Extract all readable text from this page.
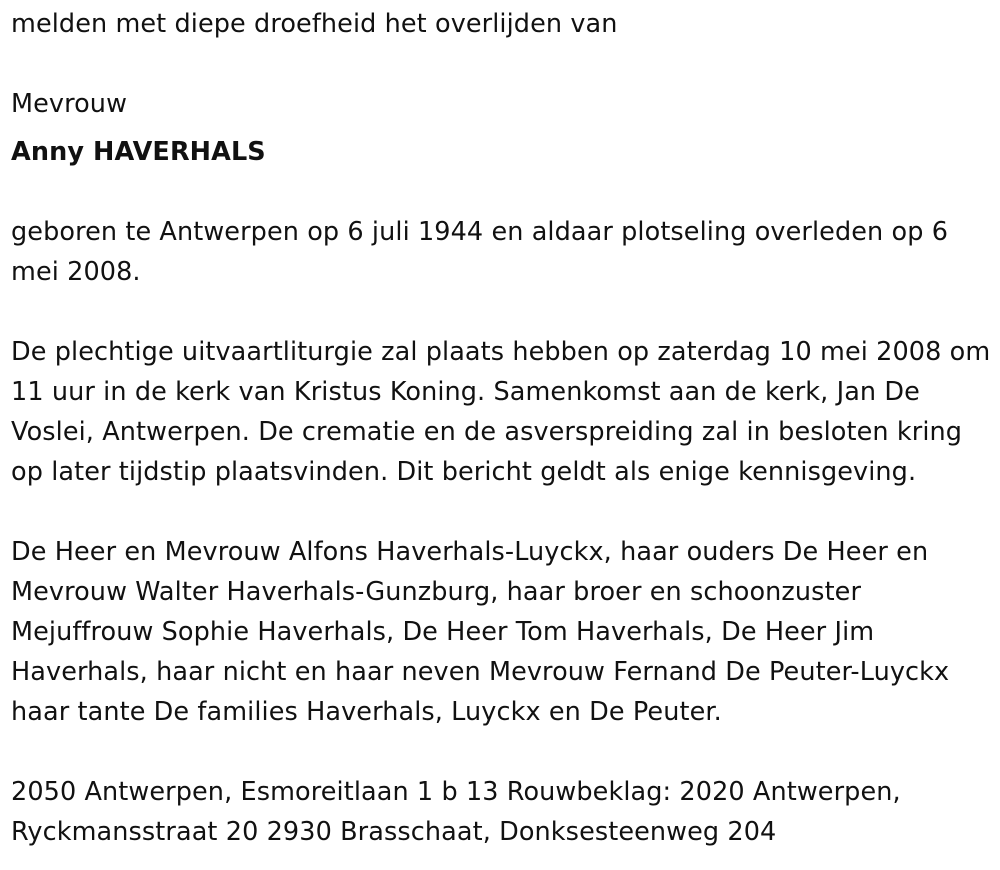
melden met diepe droefheid het overlijden van

Mevrouw

Anny HAVERHALS

geboren te Antwerpen op 6 juli 1944 en aldaar plotseling overleden op 6 mei 2008.

De plechtige uitvaartliturgie zal plaats hebben op zaterdag 10 mei 2008 om 11 uur in de kerk van Kristus Koning. Samenkomst aan de kerk, Jan De Voslei, Antwerpen. De crematie en de asverspreiding zal in besloten kring op later tijdstip plaatsvinden. Dit bericht geldt als enige kennisgeving.

De Heer en Mevrouw Alfons Haverhals-Luyckx, haar ouders De Heer en Mevrouw Walter Haverhals-Gunzburg, haar broer en schoonzuster Mejuffrouw Sophie Haverhals, De Heer Tom Haverhals, De Heer Jim Haverhals, haar nicht en haar neven Mevrouw Fernand De Peuter-Luyckx haar tante De families Haverhals, Luyckx en De Peuter.

2050 Antwerpen, Esmoreitlaan 1 b 13 Rouwbeklag: 2020 Antwerpen, Ryckmansstraat 20 2930 Brasschaat, Donksesteenweg 204
